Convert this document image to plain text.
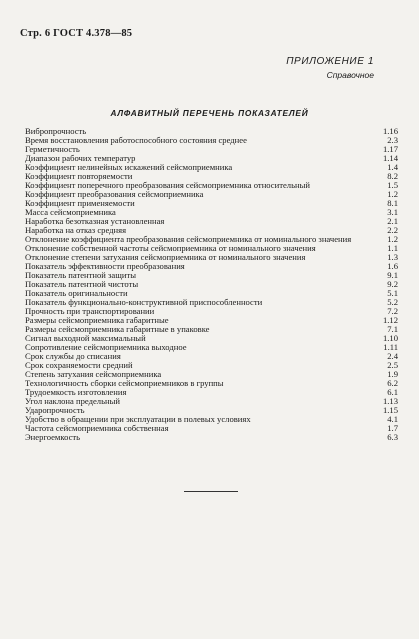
Стр. 6 ГОСТ 4.378—85
ПРИЛОЖЕНИЕ 1
Справочное
АЛФАВИТНЫЙ ПЕРЕЧЕНЬ ПОКАЗАТЕЛЕЙ
Вибропрочность	1.16
Время восстановления работоспособного состояния среднее	2.3
Герметичность	1.17
Диапазон рабочих температур	1.14
Коэффициент нелинейных искажений сейсмоприемника	1.4
Коэффициент повторяемости	8.2
Коэффициент поперечного преобразования сейсмоприемника относительный	1.5
Коэффициент преобразования сейсмоприемника	1.2
Коэффициент применяемости	8.1
Масса сейсмоприемника	3.1
Наработка безотказная установленная	2.1
Наработка на отказ средняя	2.2
Отклонение коэффициента преобразования сейсмоприемника от номинального значения	1.2
Отклонение собственной частоты сейсмоприемника от номинального значения	1.1
Отклонение степени затухания сейсмоприемника от номинального значения	1.3
Показатель эффективности преобразования	1.6
Показатель патентной защиты	9.1
Показатель патентной чистоты	9.2
Показатель оригинальности	5.1
Показатель функционально-конструктивной приспособленности	5.2
Прочность при транспортировании	7.2
Размеры сейсмоприемника габаритные	1.12
Размеры сейсмоприемника габаритные в упаковке	7.1
Сигнал выходной максимальный	1.10
Сопротивление сейсмоприемника выходное	1.11
Срок службы до списания	2.4
Срок сохраняемости средний	2.5
Степень затухания сейсмоприемника	1.9
Технологичность сборки сейсмоприемников в группы	6.2
Трудоемкость изготовления	6.1
Угол наклона предельный	1.13
Ударопрочность	1.15
Удобство в обращении при эксплуатации в полевых условиях	4.1
Частота сейсмоприемника собственная	1.7
Энергоемкость	6.3
